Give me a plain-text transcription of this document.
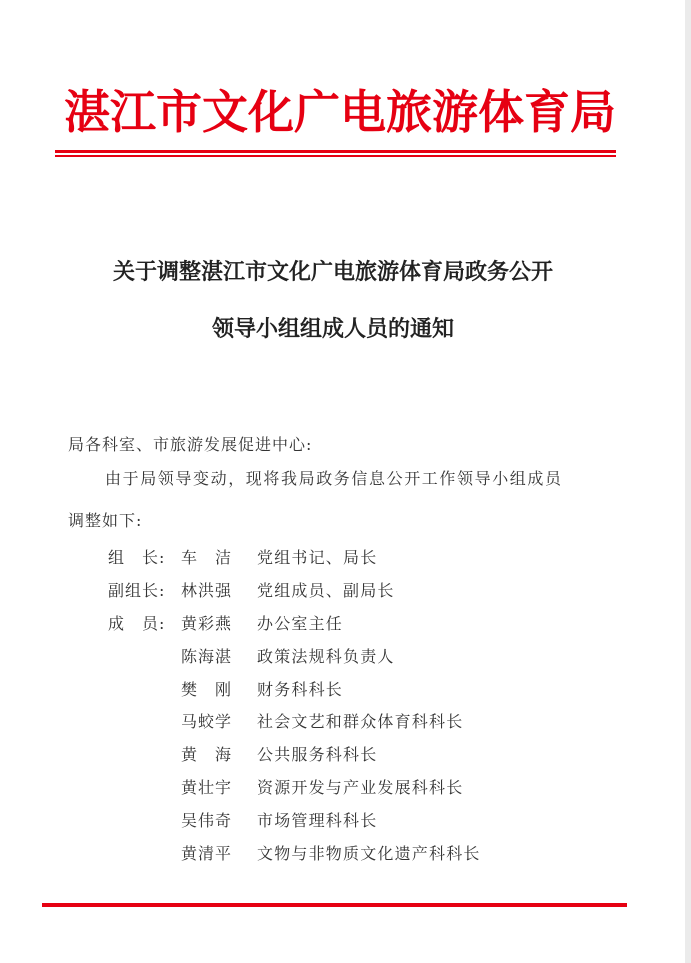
湛江市文化广电旅游体育局
关于调整湛江市文化广电旅游体育局政务公开
领导小组组成人员的通知
局各科室、市旅游发展促进中心:
由于局领导变动，现将我局政务信息公开工作领导小组成员
调整如下:
组　长: 车　洁	党组书记、局长
副组长: 林洪强	党组成员、副局长
成　员: 黄彩燕	办公室主任
陈海湛	政策法规科负责人
樊　刚	财务科科长
马蛟学	社会文艺和群众体育科科长
黄　海	公共服务科科长
黄壮宇	资源开发与产业发展科科长
吴伟奇	市场管理科科长
黄清平	文物与非物质文化遗产科科长
